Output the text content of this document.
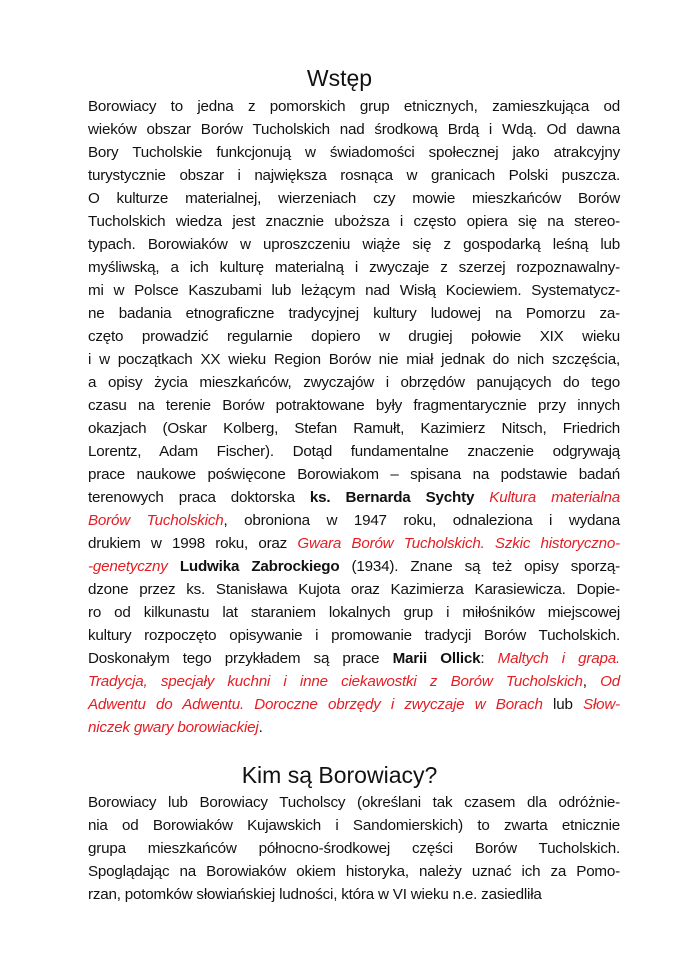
Wstęp
Borowiacy to jedna z pomorskich grup etnicznych, zamieszkująca od
wieków obszar Borów Tucholskich nad środkową Brdą i Wdą. Od dawna
Bory Tucholskie funkcjonują w świadomości społecznej jako atrakcyjny
turystycznie obszar i największa rosnąca w granicach Polski puszcza.
O kulturze materialnej, wierzeniach czy mowie mieszkańców Borów
Tucholskich wiedza jest znacznie uboższa i często opiera się na stereo-
typach. Borowiaków w uproszczeniu wiąże się z gospodarką leśną lub
myśliwską, a ich kulturę materialną i zwyczaje z szerzej rozpoznawalny-
mi w Polsce Kaszubami lub leżącym nad Wisłą Kociewiem. Systematycz-
ne badania etnograficzne tradycyjnej kultury ludowej na Pomorzu za-
częto prowadzić regularnie dopiero w drugiej połowie XIX wieku
i w początkach XX wieku Region Borów nie miał jednak do nich szczęścia,
a opisy życia mieszkańców, zwyczajów i obrzędów panujących do tego
czasu na terenie Borów potraktowane były fragmentarycznie przy innych
okazjach (Oskar Kolberg, Stefan Ramułt, Kazimierz Nitsch, Friedrich
Lorentz, Adam Fischer). Dotąd fundamentalne znaczenie odgrywają
prace naukowe poświęcone Borowiakom – spisana na podstawie badań
terenowych praca doktorska ks. Bernarda Sychty Kultura materialna
Borów Tucholskich, obroniona w 1947 roku, odnaleziona i wydana
drukiem w 1998 roku, oraz Gwara Borów Tucholskich. Szkic historyczno-
-genetyczny Ludwika Zabrockiego (1934). Znane są też opisy sporzą-
dzone przez ks. Stanisława Kujota oraz Kazimierza Karasiewicza. Dopie-
ro od kilkunastu lat staraniem lokalnych grup i miłośników miejscowej
kultury rozpoczęto opisywanie i promowanie tradycji Borów Tucholskich.
Doskonałym tego przykładem są prace Marii Ollick: Maltych i grapa.
Tradycja, specjały kuchni i inne ciekawostki z Borów Tucholskich, Od
Adwentu do Adwentu. Doroczne obrzędy i zwyczaje w Borach lub Słow-
niczek gwary borowiackiej.
Kim są Borowiacy?
Borowiacy lub Borowiacy Tucholscy (określani tak czasem dla odróżnie-
nia od Borowiaków Kujawskich i Sandomierskich) to zwarta etnicznie
grupa mieszkańców północno-środkowej części Borów Tucholskich.
Spoglądając na Borowiaków okiem historyka, należy uznać ich za Pomo-
rzan, potomków słowiańskiej ludności, która w VI wieku n.e. zasiedliła
